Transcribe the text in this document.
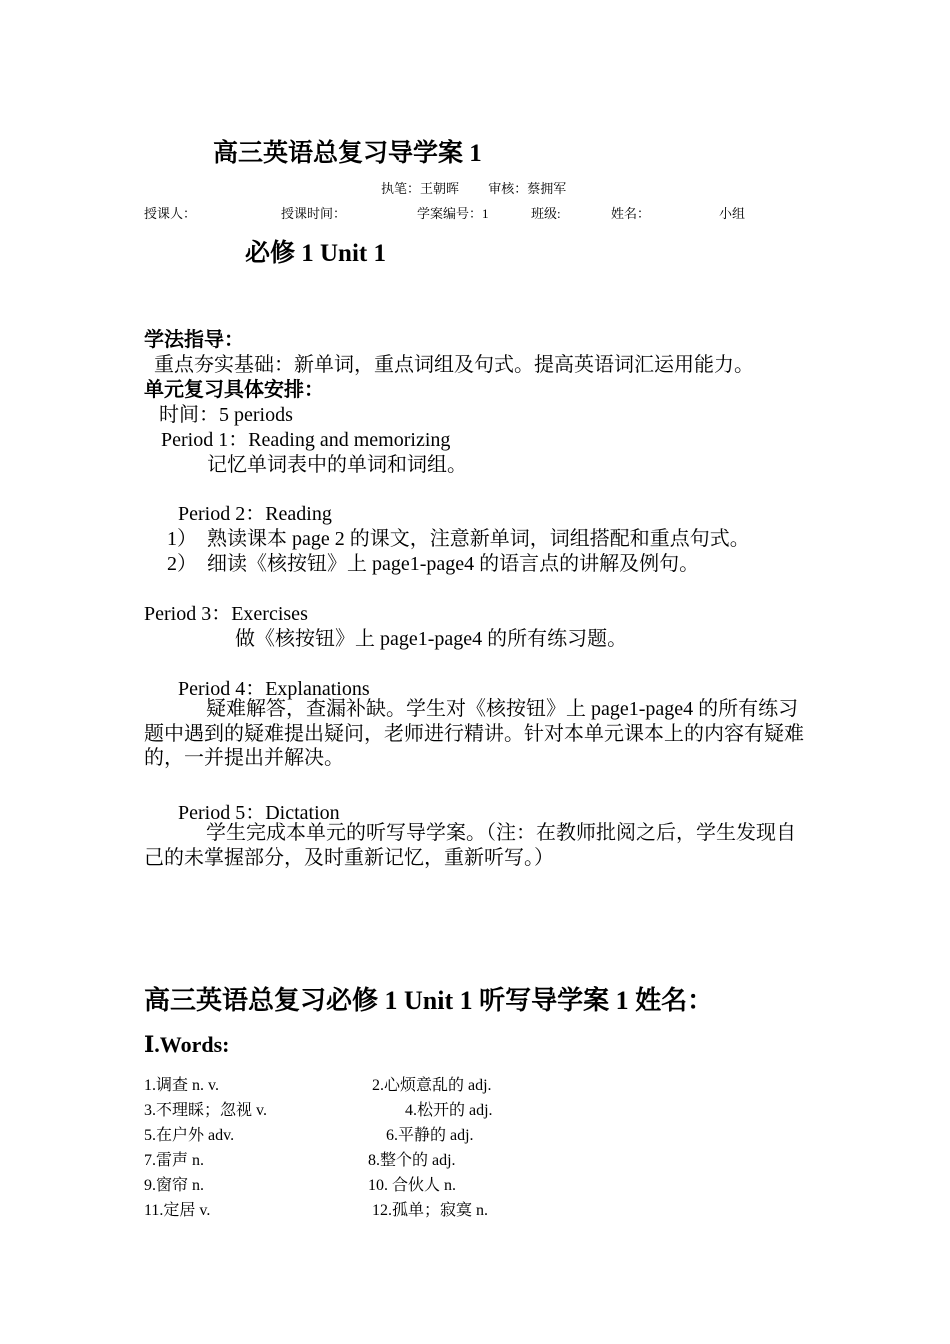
高三英语总复习导学案 1
执笔：王朝晖　　 审核：蔡拥军
授课人：	授课时间：	学案编号：1	班级:	姓名：	小组
必修 1 Unit 1
学法指导：
重点夯实基础：新单词，重点词组及句式。提高英语词汇运用能力。
单元复习具体安排：
时间：5 periods
Period 1：Reading and memorizing
记忆单词表中的单词和词组。
Period 2：Reading
1） 熟读课本 page 2 的课文，注意新单词，词组搭配和重点句式。
2） 细读《核按钮》上 page1-page4 的语言点的讲解及例句。
Period 3：Exercises
做《核按钮》上 page1-page4 的所有练习题。
Period 4：Explanations
疑难解答，查漏补缺。学生对《核按钮》上 page1-page4 的所有练习题中遇到的疑难提出疑问，老师进行精讲。针对本单元课本上的内容有疑难的，一并提出并解决。
Period 5：Dictation
学生完成本单元的听写导学案。（注：在教师批阅之后，学生发现自己的未掌握部分，及时重新记忆，重新听写。）
高三英语总复习必修 1 Unit 1 听写导学案 1 姓名：
Ⅰ.Words:
1.调查 n. v.	2.心烦意乱的 adj.
3.不理睬；忽视 v.	4.松开的 adj.
5.在户外 adv.	6.平静的 adj.
7.雷声 n.	8.整个的 adj.
9.窗帘 n.	10. 合伙人 n.
11.定居 v.	12.孤单；寂寞 n.
